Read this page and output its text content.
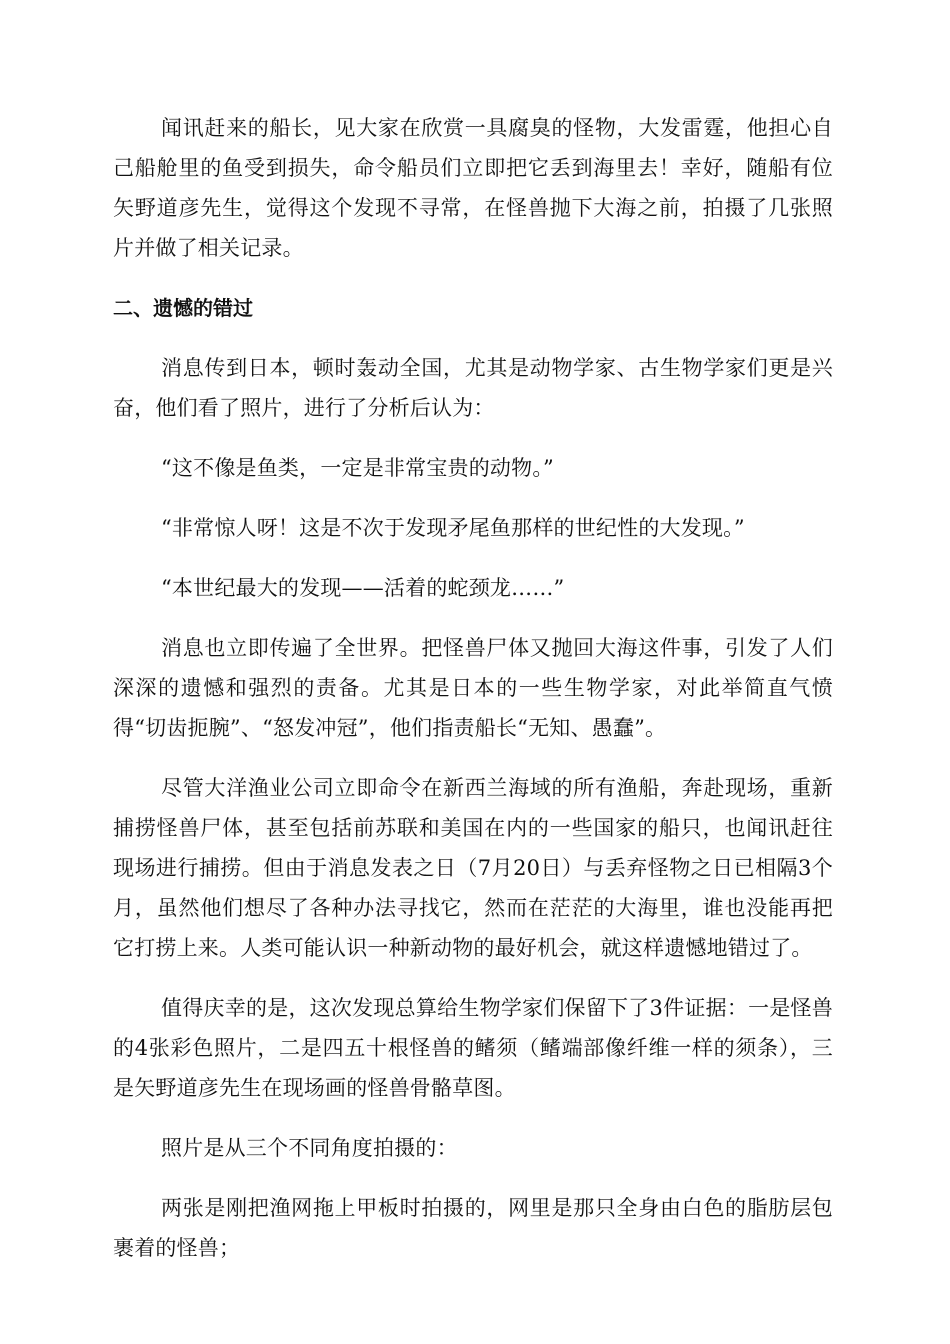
闻讯赶来的船长，见大家在欣赏一具腐臭的怪物，大发雷霆，他担心自己船舱里的鱼受到损失，命令船员们立即把它丢到海里去！幸好，随船有位矢野道彦先生，觉得这个发现不寻常，在怪兽抛下大海之前，拍摄了几张照片并做了相关记录。

二、遗憾的错过

消息传到日本，顿时轰动全国，尤其是动物学家、古生物学家们更是兴奋，他们看了照片，进行了分析后认为：

“这不像是鱼类，一定是非常宝贵的动物。”

“非常惊人呀！这是不次于发现矛尾鱼那样的世纪性的大发现。”

“本世纪最大的发现——活着的蛇颈龙……”

消息也立即传遍了全世界。把怪兽尸体又抛回大海这件事，引发了人们深深的遗憾和强烈的责备。尤其是日本的一些生物学家，对此举简直气愤得“切齿扼腕”、“怒发冲冠”，他们指责船长“无知、愚蠢”。

尽管大洋渔业公司立即命令在新西兰海域的所有渔船，奔赴现场，重新捕捞怪兽尸体，甚至包括前苏联和美国在内的一些国家的船只，也闻讯赶往现场进行捕捞。但由于消息发表之日（7月20日）与丢弃怪物之日已相隔3个月，虽然他们想尽了各种办法寻找它，然而在茫茫的大海里，谁也没能再把它打捞上来。人类可能认识一种新动物的最好机会，就这样遗憾地错过了。

值得庆幸的是，这次发现总算给生物学家们保留下了3件证据：一是怪兽的4张彩色照片，二是四五十根怪兽的鳍须（鳍端部像纤维一样的须条），三是矢野道彦先生在现场画的怪兽骨骼草图。

照片是从三个不同角度拍摄的：

两张是刚把渔网拖上甲板时拍摄的，网里是那只全身由白色的脂肪层包裹着的怪兽；
